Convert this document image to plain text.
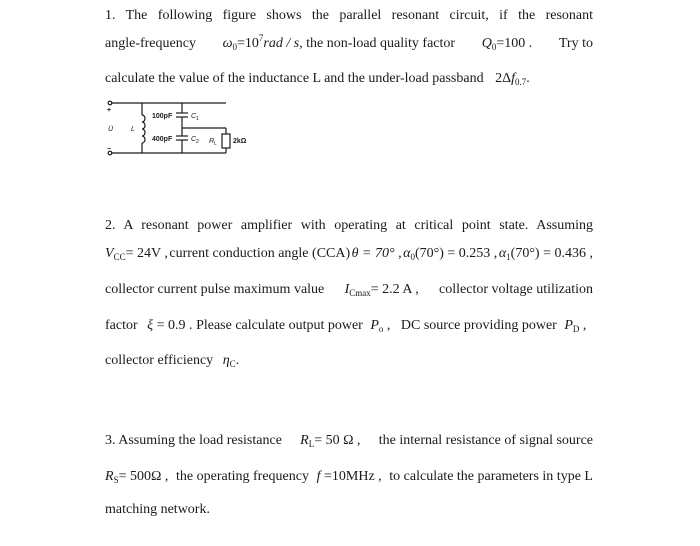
1. The following figure shows the parallel resonant circuit, if the resonant
angle-frequency $\omega_0=10^7rad / s$, the non-load quality factor $Q_0=100$ . Try to
calculate the value of the inductance L and the under-load passband $2\Delta f_{0.7}$.
+
−
U̇	L
100pF	C 1
400pF	C 2 R L 2kΩ
2. A resonant power amplifier with operating at critical point state. Assuming
$V_{CC}= 24V$ , current conduction angle (CCA) θ = 70° , $\alpha_0(70^\circ) = 0.253$ , $\alpha_1(70^\circ) = 0.436$ ,
collector current pulse maximum value $I_{Cmax}= 2.2$ A , collector voltage utilization
factor ξ = 0.9 . Please calculate output power $P_o$ ,   DC source providing power $P_D$ ,
collector efficiency $\eta_C$.
3. Assuming the load resistance $R_L= 50$ Ω , the internal resistance of signal source
$R_S= 500\Omega$ , the operating frequency f =10MHz , to calculate the parameters in type L
matching network.
